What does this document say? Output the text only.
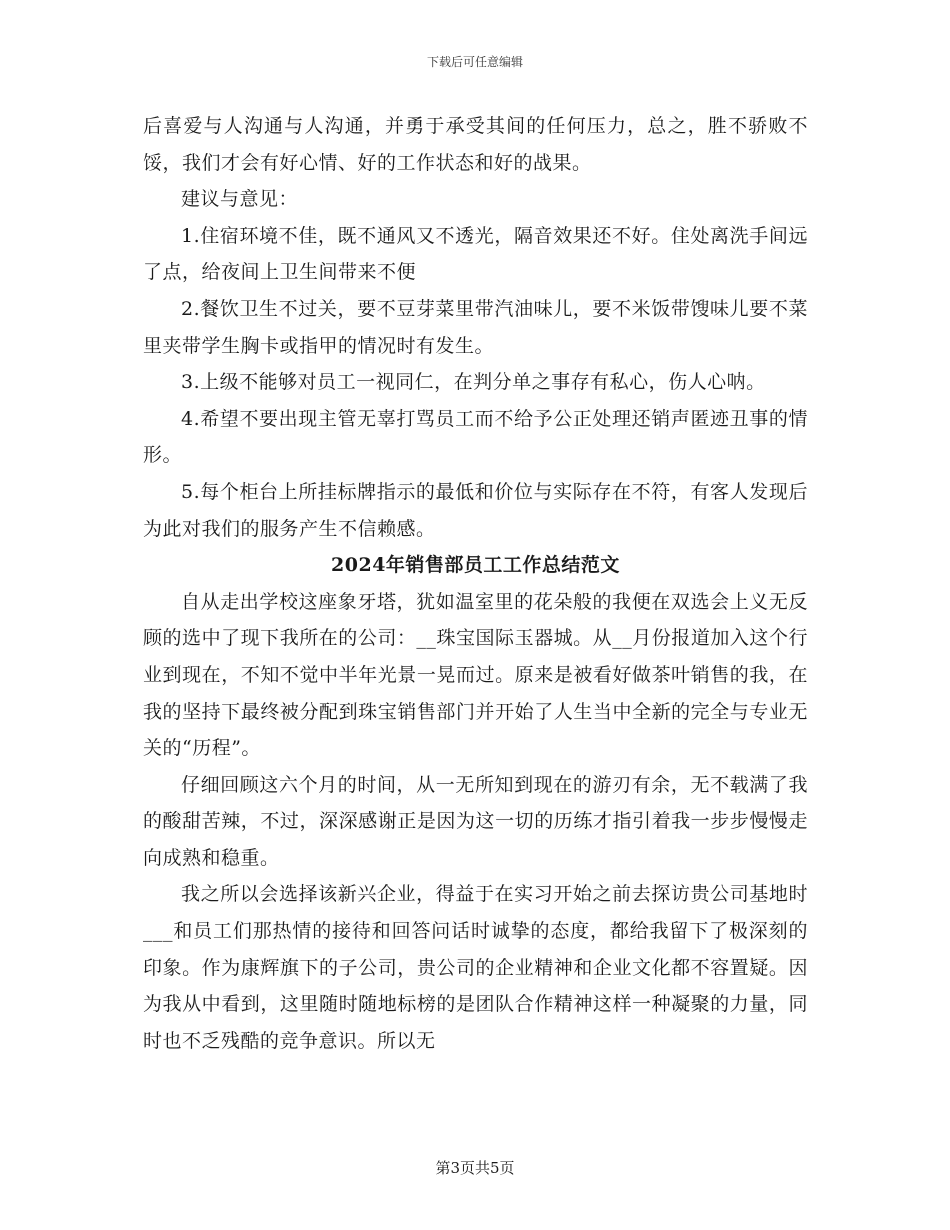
下载后可任意编辑

后喜爱与人沟通与人沟通，并勇于承受其间的任何压力，总之，胜不骄败不馁，我们才会有好心情、好的工作状态和好的战果。

建议与意见：

1.住宿环境不佳，既不通风又不透光，隔音效果还不好。住处离洗手间远了点，给夜间上卫生间带来不便

2.餐饮卫生不过关，要不豆芽菜里带汽油味儿，要不米饭带馊味儿要不菜里夹带学生胸卡或指甲的情况时有发生。

3.上级不能够对员工一视同仁，在判分单之事存有私心，伤人心呐。

4.希望不要出现主管无辜打骂员工而不给予公正处理还销声匿迹丑事的情形。

5.每个柜台上所挂标牌指示的最低和价位与实际存在不符，有客人发现后为此对我们的服务产生不信赖感。

2024年销售部员工工作总结范文

自从走出学校这座象牙塔，犹如温室里的花朵般的我便在双选会上义无反顾的选中了现下我所在的公司：__珠宝国际玉器城。从__月份报道加入这个行业到现在，不知不觉中半年光景一晃而过。原来是被看好做茶叶销售的我，在我的坚持下最终被分配到珠宝销售部门并开始了人生当中全新的完全与专业无关的“历程”。

仔细回顾这六个月的时间，从一无所知到现在的游刃有余，无不载满了我的酸甜苦辣，不过，深深感谢正是因为这一切的历练才指引着我一步步慢慢走向成熟和稳重。

我之所以会选择该新兴企业，得益于在实习开始之前去探访贵公司基地时___和员工们那热情的接待和回答问话时诚挚的态度，都给我留下了极深刻的印象。作为康辉旗下的子公司，贵公司的企业精神和企业文化都不容置疑。因为我从中看到，这里随时随地标榜的是团队合作精神这样一种凝聚的力量，同时也不乏残酷的竞争意识。所以无

第3页共5页
